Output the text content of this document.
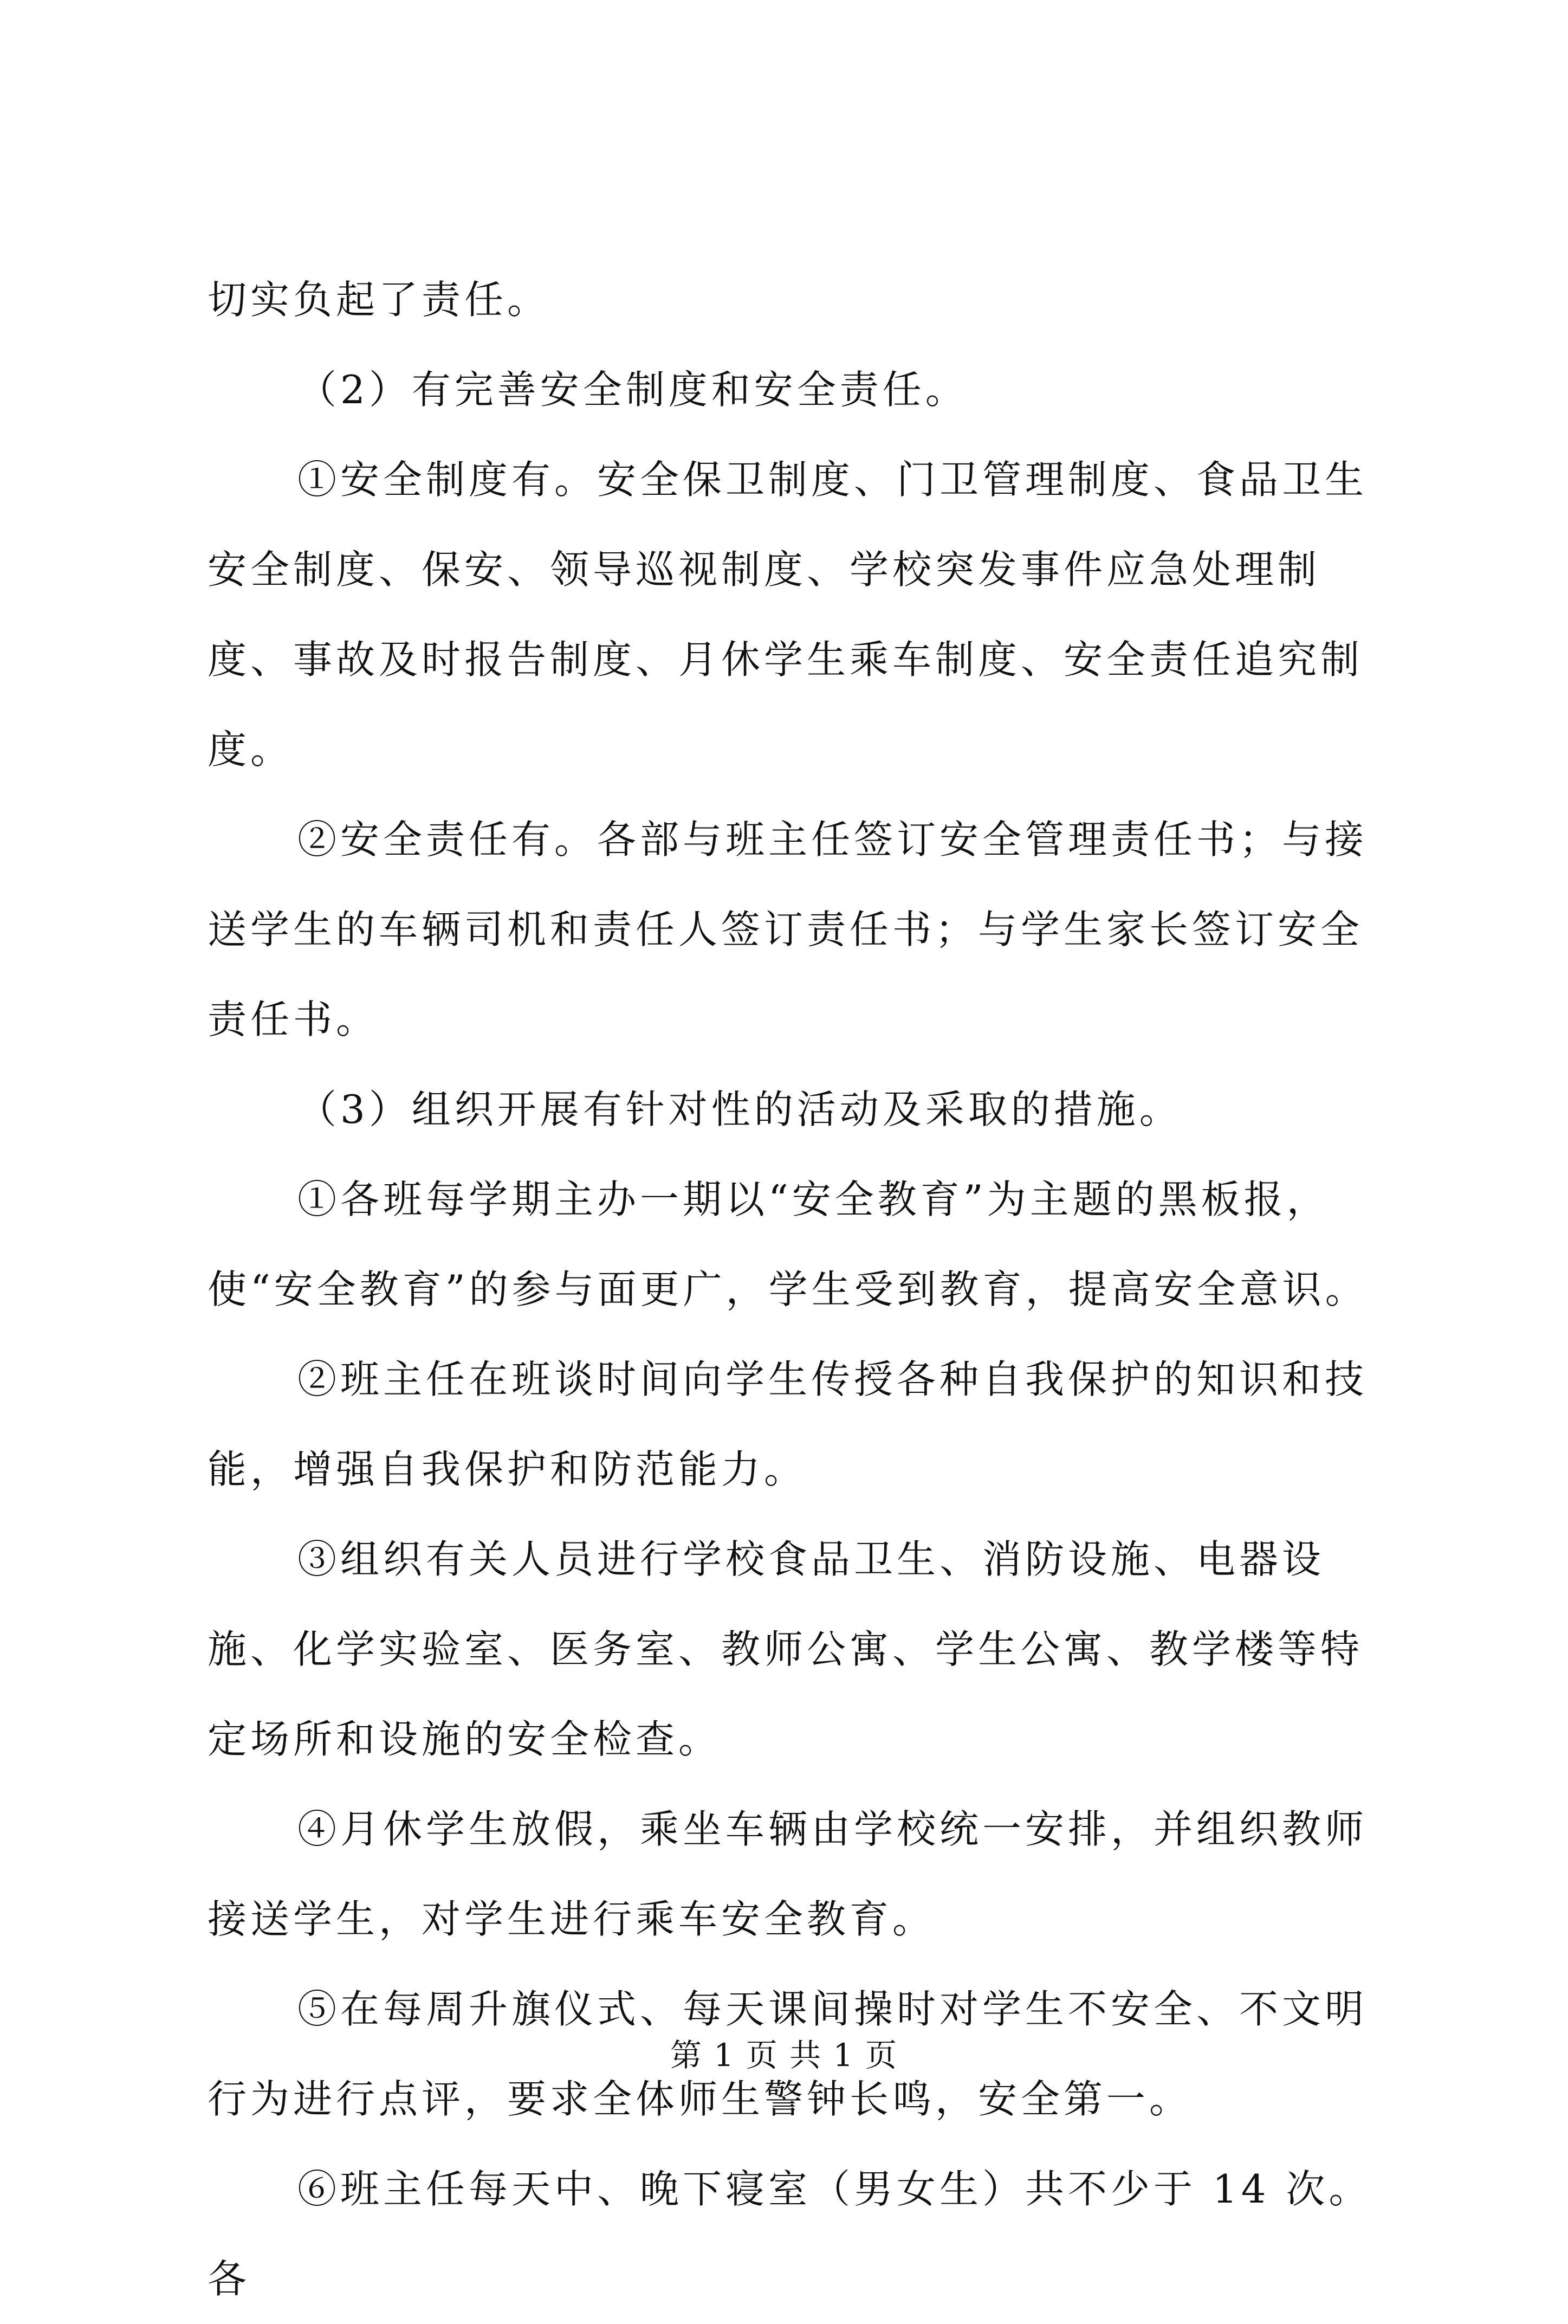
切实负起了责任。

（2）有完善安全制度和安全责任。

①安全制度有。安全保卫制度、门卫管理制度、食品卫生安全制度、保安、领导巡视制度、学校突发事件应急处理制度、事故及时报告制度、月休学生乘车制度、安全责任追究制度。

②安全责任有。各部与班主任签订安全管理责任书；与接送学生的车辆司机和责任人签订责任书；与学生家长签订安全责任书。

（3）组织开展有针对性的活动及采取的措施。

①各班每学期主办一期以“安全教育”为主题的黑板报，使“安全教育”的参与面更广，学生受到教育，提高安全意识。

②班主任在班谈时间向学生传授各种自我保护的知识和技能，增强自我保护和防范能力。

③组织有关人员进行学校食品卫生、消防设施、电器设施、化学实验室、医务室、教师公寓、学生公寓、教学楼等特定场所和设施的安全检查。

④月休学生放假，乘坐车辆由学校统一安排，并组织教师接送学生，对学生进行乘车安全教育。

⑤在每周升旗仪式、每天课间操时对学生不安全、不文明行为进行点评，要求全体师生警钟长鸣，安全第一。

⑥班主任每天中、晚下寝室（男女生）共不少于 14 次。各

第 1 页 共 1 页
